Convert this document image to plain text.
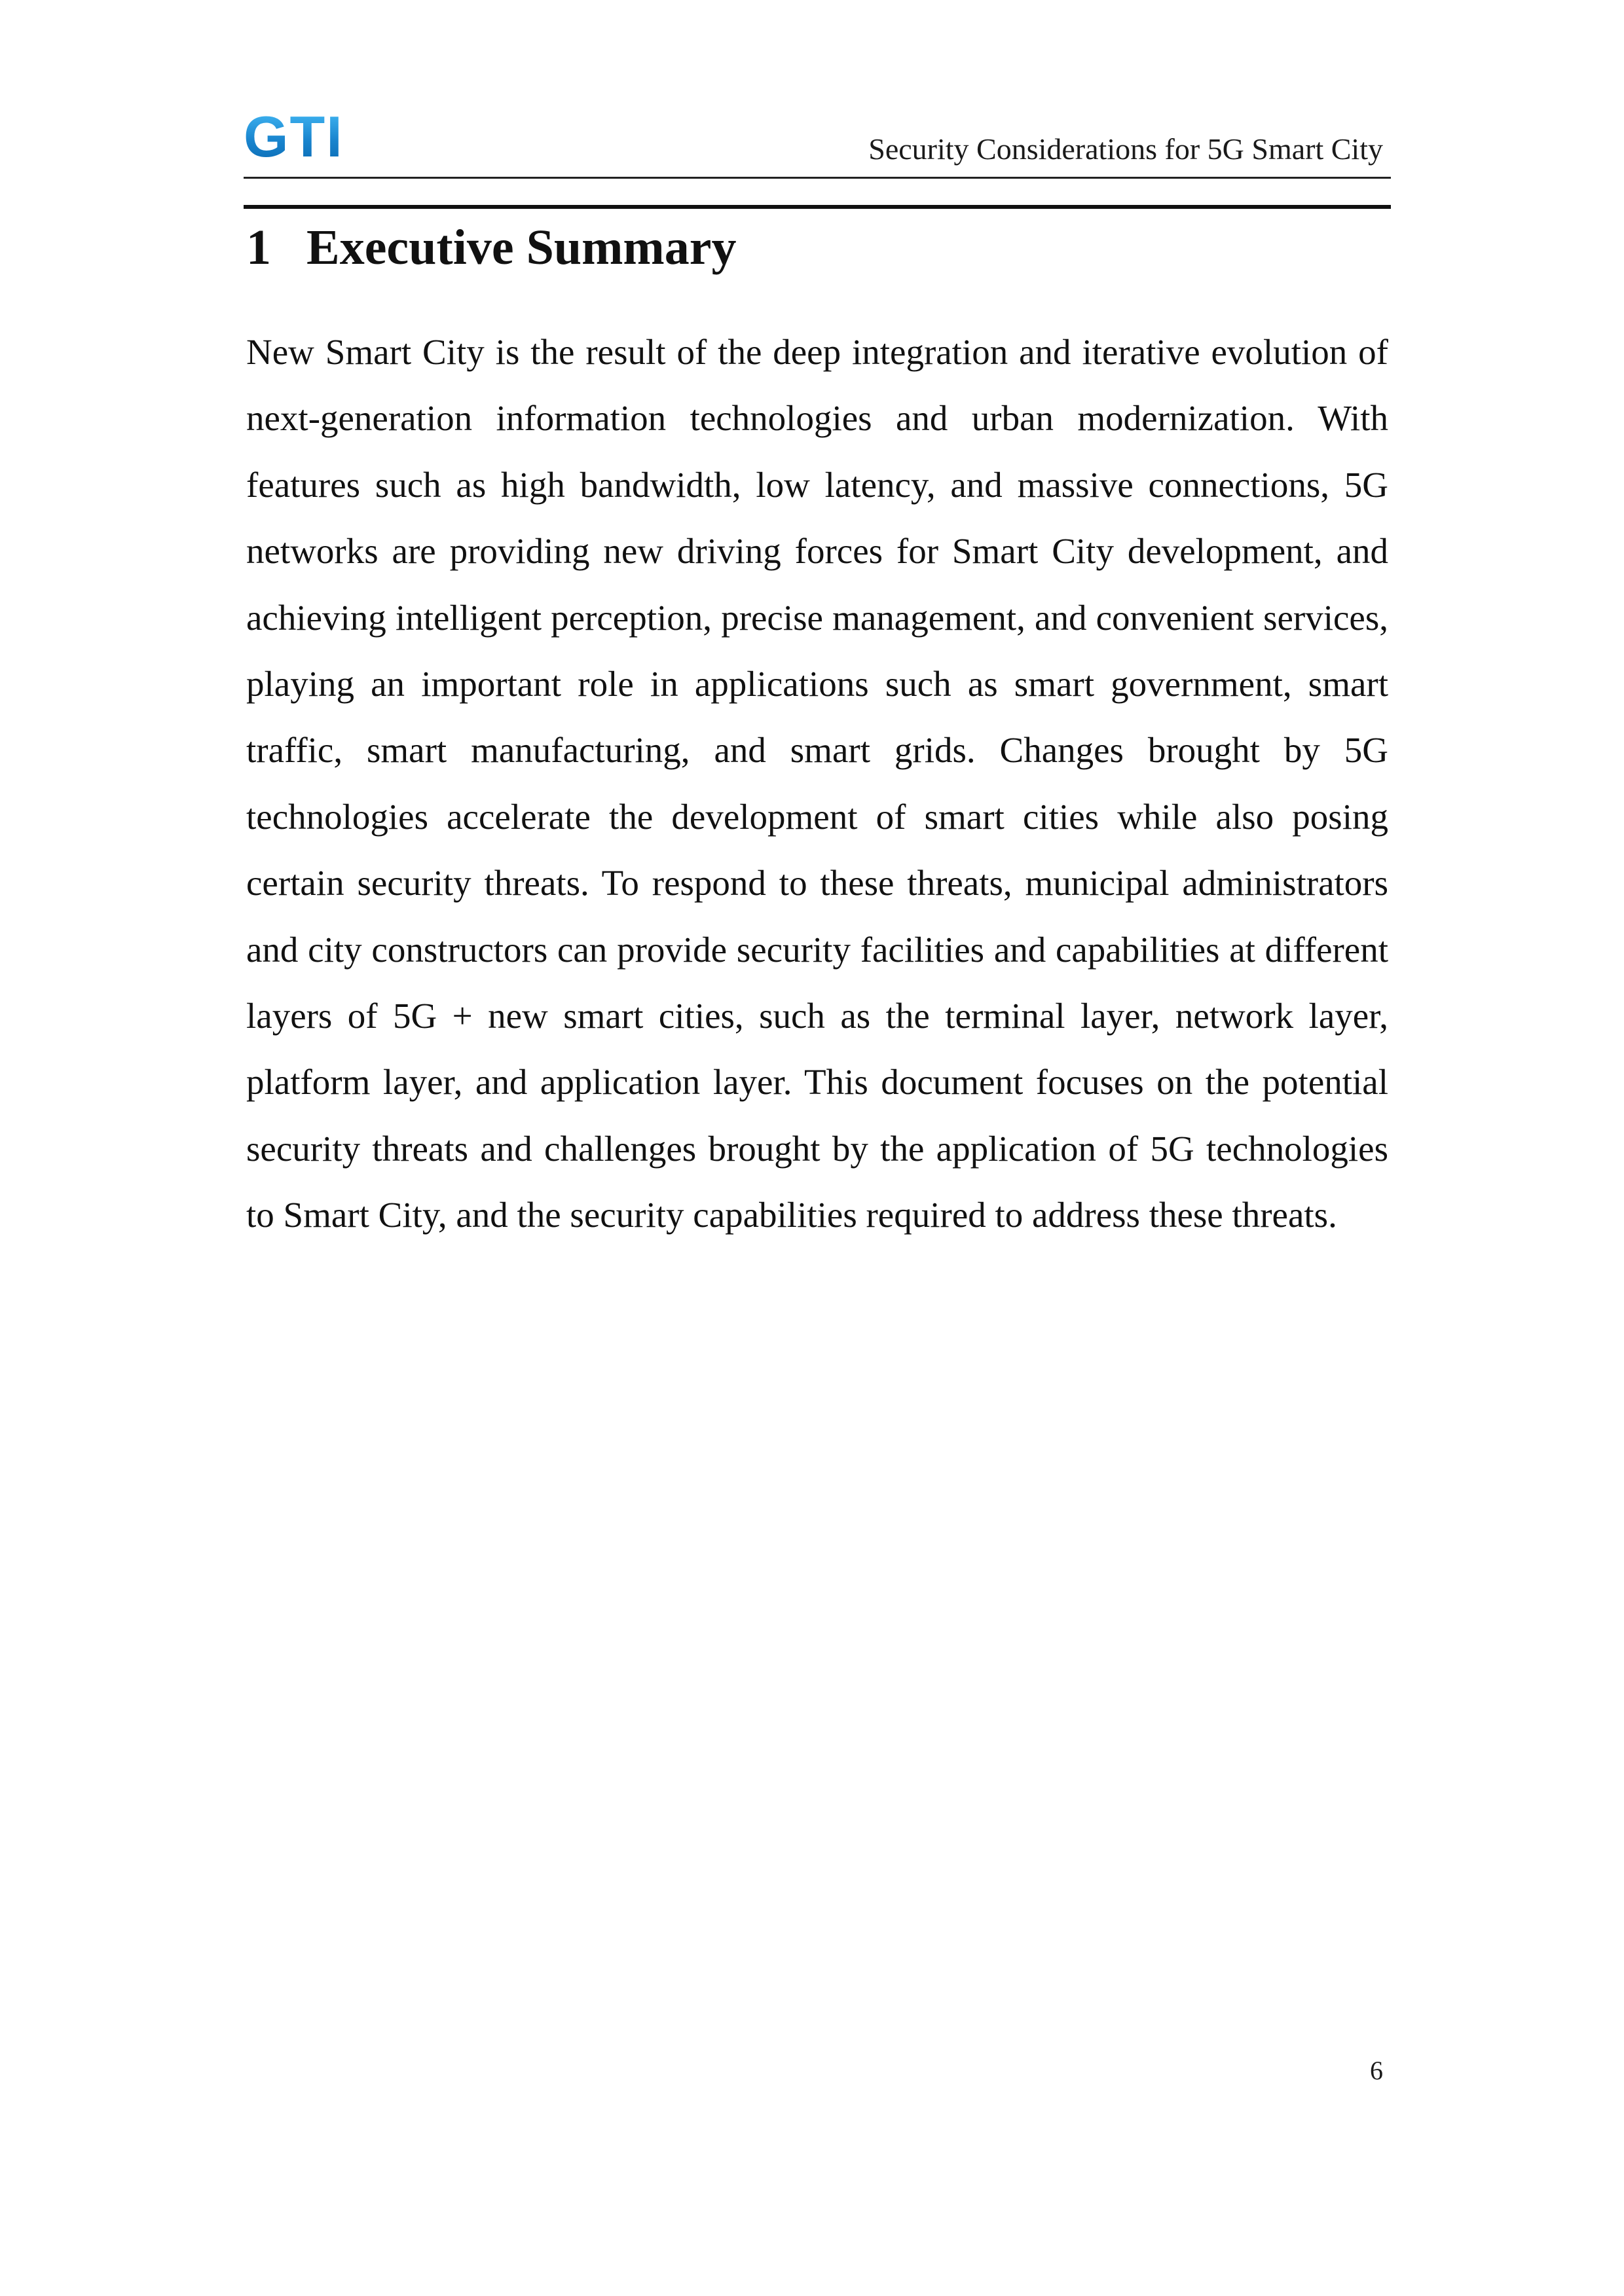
GTI	Security Considerations for 5G Smart City
1 Executive Summary

New Smart City is the result of the deep integration and iterative evolution of next-generation information technologies and urban modernization. With features such as high bandwidth, low latency, and massive connections, 5G networks are providing new driving forces for Smart City development, and achieving intelligent perception, precise management, and convenient services, playing an important role in applications such as smart government, smart traffic, smart manufacturing, and smart grids. Changes brought by 5G technologies accelerate the development of smart cities while also posing certain security threats. To respond to these threats, municipal administrators and city constructors can provide security facilities and capabilities at different layers of 5G + new smart cities, such as the terminal layer, network layer, platform layer, and application layer. This document focuses on the potential security threats and challenges brought by the application of 5G technologies to Smart City, and the security capabilities required to address these threats.

6
